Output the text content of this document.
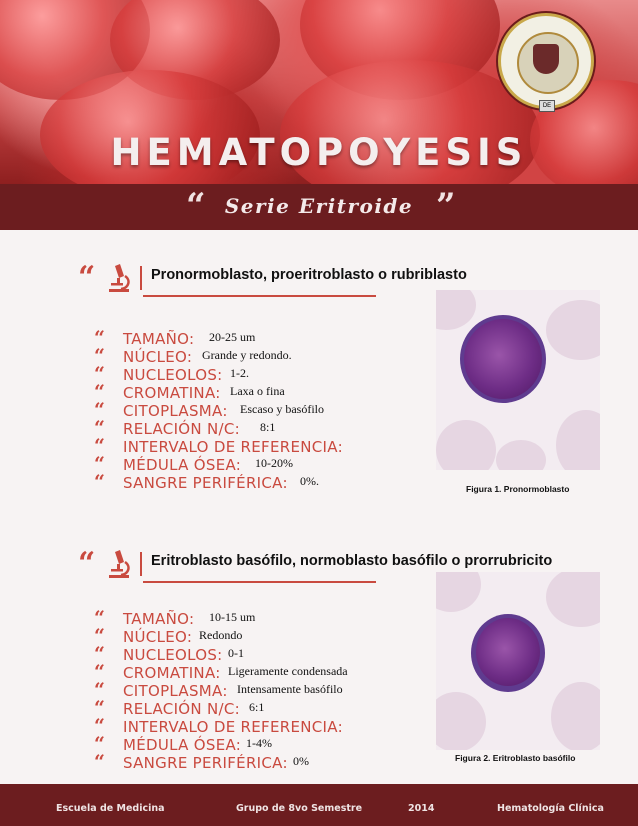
DE
HEMATOPOYESIS
“ Serie Eritroide ”
“	Pronormoblasto, proeritroblasto o rubriblasto
“ TAMAÑO: 20-25 um
“ NÚCLEO: Grande y redondo.
“ NUCLEOLOS: 1-2.
“ CROMATINA: Laxa o fina
“ CITOPLASMA: Escaso y basófilo
“ RELACIÓN N/C: 8:1
“ INTERVALO DE REFERENCIA:
“ MÉDULA ÓSEA: 10-20%
“ SANGRE PERIFÉRICA: 0%.
Figura 1. Pronormoblasto
“	Eritroblasto basófilo, normoblasto basófilo o prorrubricito
“ TAMAÑO: 10-15 um
“ NÚCLEO: Redondo
“ NUCLEOLOS: 0-1
“ CROMATINA: Ligeramente condensada
“ CITOPLASMA: Intensamente basófilo
“ RELACIÓN N/C: 6:1
“ INTERVALO DE REFERENCIA:
“ MÉDULA ÓSEA: 1-4%
“ SANGRE PERIFÉRICA: 0%	Figura 2. Eritroblasto basófilo
Escuela de Medicina	Grupo de 8vo Semestre	2014	Hematología Clínica
